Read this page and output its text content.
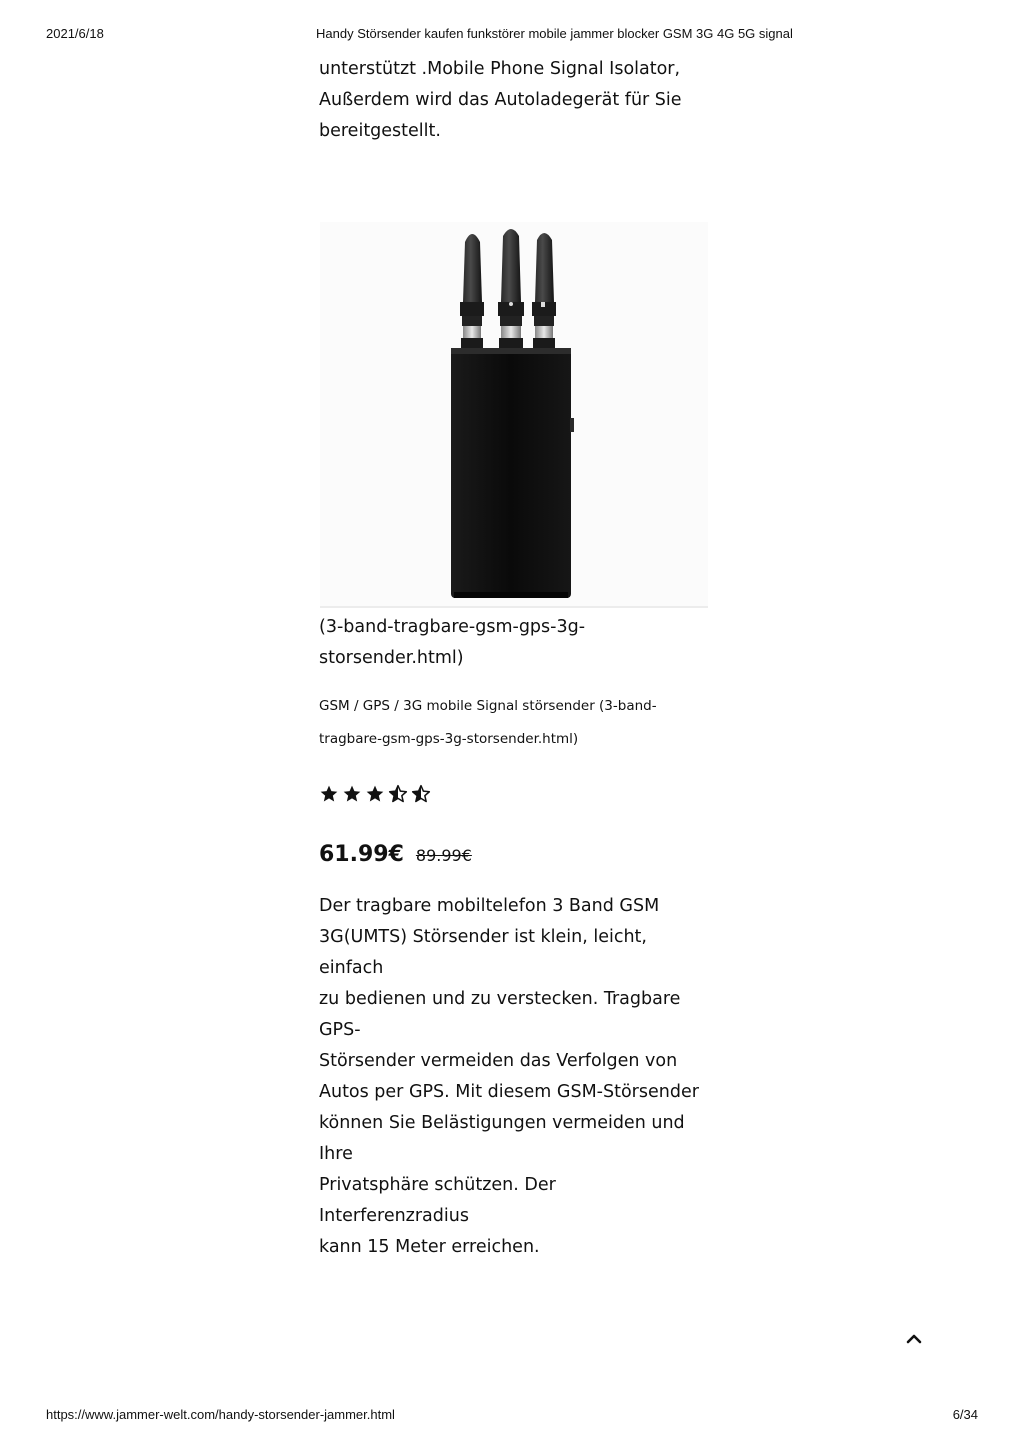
2021/6/18	Handy Störsender kaufen funkstörer mobile jammer blocker GSM 3G 4G 5G signal

unterstützt .Mobile Phone Signal Isolator,

Außerdem wird das Autoladegerät für Sie

bereitgestellt.

(3-band-tragbare-gsm-gps-3g-
storsender.html)
GSM / GPS / 3G mobile Signal störsender (3-band-
tragbare-gsm-gps-3g-storsender.html)
61.99€ 89.99€
Der tragbare mobiltelefon 3 Band GSM
3G(UMTS) Störsender ist klein, leicht, einfach
zu bedienen und zu verstecken. Tragbare GPS-
Störsender vermeiden das Verfolgen von
Autos per GPS. Mit diesem GSM-Störsender
können Sie Belästigungen vermeiden und Ihre
Privatsphäre schützen. Der Interferenzradius
kann 15 Meter erreichen.
https://www.jammer-welt.com/handy-storsender-jammer.html	6/34
